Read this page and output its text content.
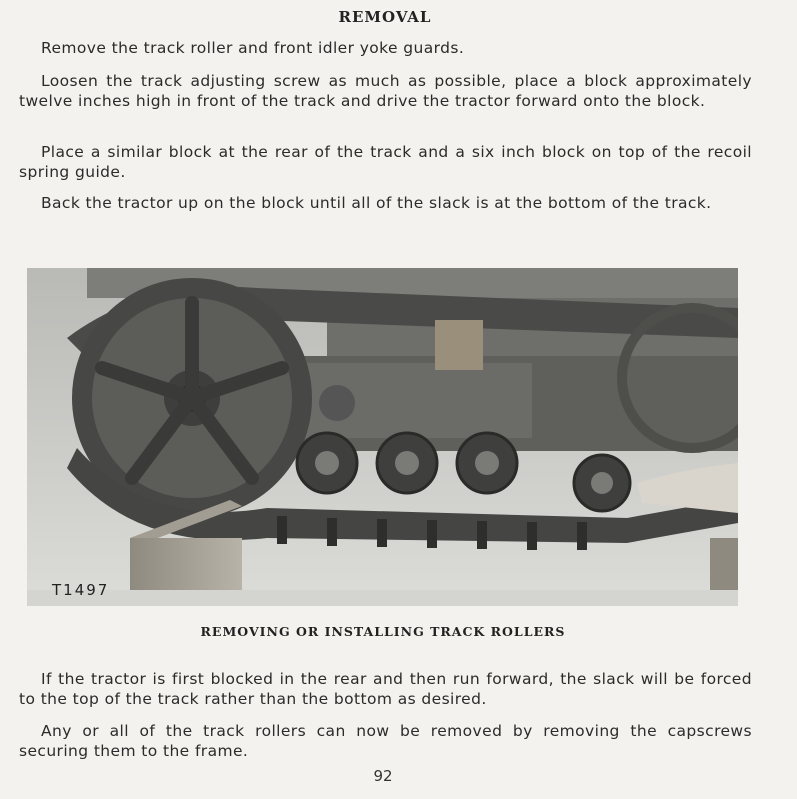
REMOVAL

Remove the track roller and front idler yoke guards.

Loosen the track adjusting screw as much as possible, place a block approximately twelve inches high in front of the track and drive the tractor forward onto the block.

Place a similar block at the rear of the track and a six inch block on top of the recoil spring guide.

Back the tractor up on the block until all of the slack is at the bottom of the track.

T1497
REMOVING OR INSTALLING TRACK ROLLERS

If the tractor is first blocked in the rear and then run forward, the slack will be forced to the top of the track rather than the bottom as desired.

Any or all of the track rollers can now be removed by removing the capscrews securing them to the frame.

92
